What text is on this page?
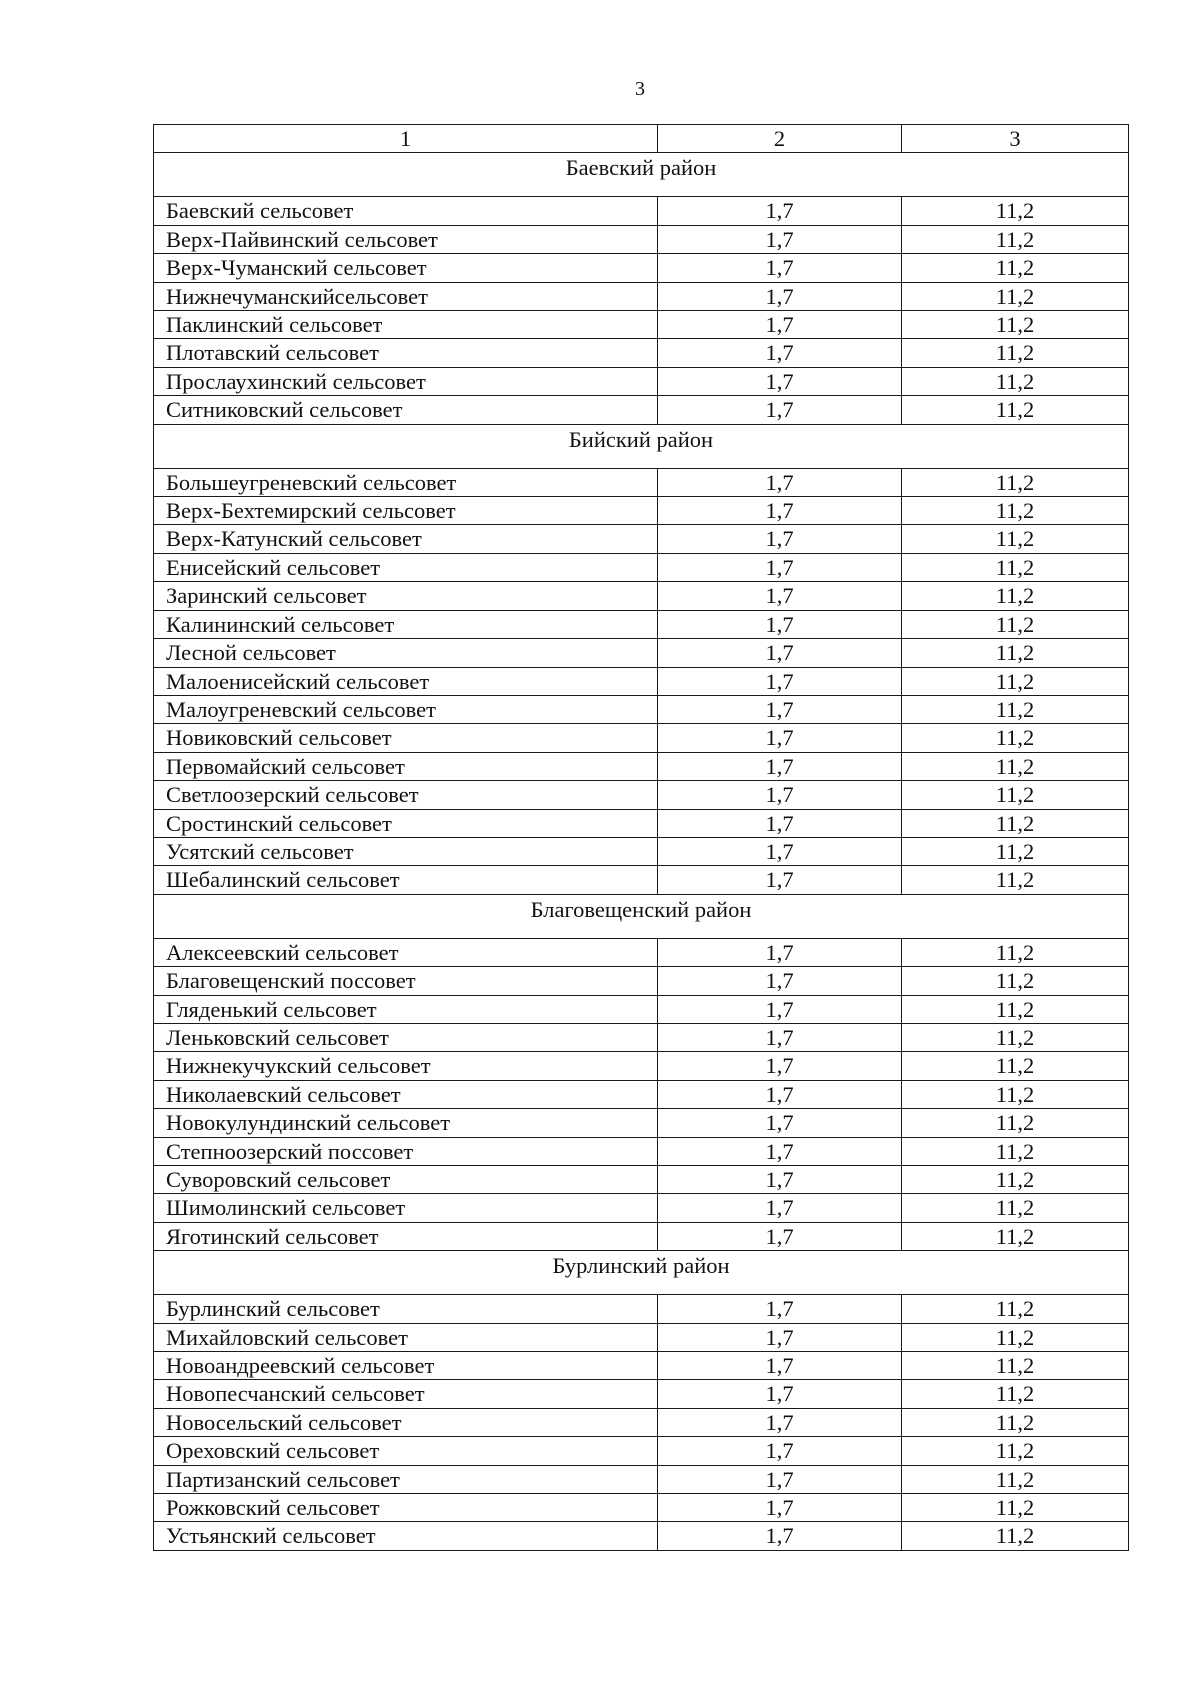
3
1	2	3
Баевский район		
Баевский сельсовет	1,7	11,2
Верх-Пайвинский сельсовет	1,7	11,2
Верх-Чуманский сельсовет	1,7	11,2
Нижнечуманскийсельсовет	1,7	11,2
Паклинский сельсовет	1,7	11,2
Плотавский сельсовет	1,7	11,2
Прослаухинский сельсовет	1,7	11,2
Ситниковский сельсовет	1,7	11,2
Бийский район		
Большеугреневский сельсовет	1,7	11,2
Верх-Бехтемирский сельсовет	1,7	11,2
Верх-Катунский сельсовет	1,7	11,2
Енисейский сельсовет	1,7	11,2
Заринский сельсовет	1,7	11,2
Калининский сельсовет	1,7	11,2
Лесной сельсовет	1,7	11,2
Малоенисейский сельсовет	1,7	11,2
Малоугреневский сельсовет	1,7	11,2
Новиковский сельсовет	1,7	11,2
Первомайский сельсовет	1,7	11,2
Светлоозерский сельсовет	1,7	11,2
Сростинский сельсовет	1,7	11,2
Усятский сельсовет	1,7	11,2
Шебалинский сельсовет	1,7	11,2
Благовещенский район		
Алексеевский сельсовет	1,7	11,2
Благовещенский поссовет	1,7	11,2
Гляденький сельсовет	1,7	11,2
Леньковский сельсовет	1,7	11,2
Нижнекучукский сельсовет	1,7	11,2
Николаевский сельсовет	1,7	11,2
Новокулундинский сельсовет	1,7	11,2
Степноозерский поссовет	1,7	11,2
Суворовский сельсовет	1,7	11,2
Шимолинский сельсовет	1,7	11,2
Яготинский сельсовет	1,7	11,2
Бурлинский район		
Бурлинский сельсовет	1,7	11,2
Михайловский сельсовет	1,7	11,2
Новоандреевский сельсовет	1,7	11,2
Новопесчанский сельсовет	1,7	11,2
Новосельский сельсовет	1,7	11,2
Ореховский сельсовет	1,7	11,2
Партизанский сельсовет	1,7	11,2
Рожковский сельсовет	1,7	11,2
Устьянский сельсовет	1,7	11,2
